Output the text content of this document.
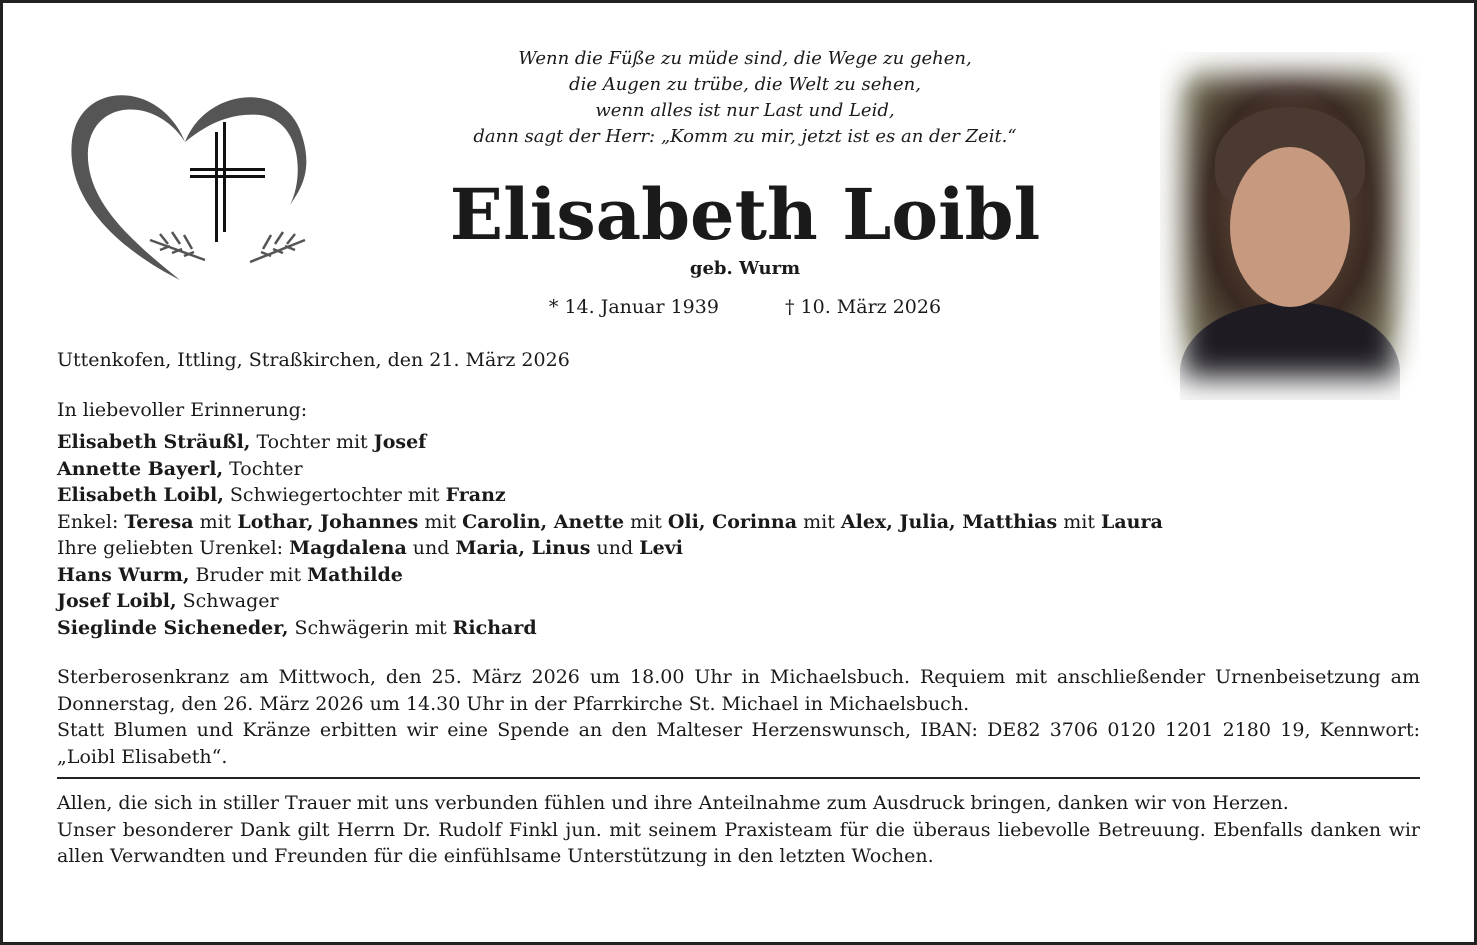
Wenn die Füße zu müde sind, die Wege zu gehen,
die Augen zu trübe, die Welt zu sehen,
wenn alles ist nur Last und Leid,
dann sagt der Herr: „Komm zu mir, jetzt ist es an der Zeit.“
Elisabeth Loibl
geb. Wurm
* 14. Januar 1939	† 10. März 2026
Uttenkofen, Ittling, Straßkirchen, den 21. März 2026
In liebevoller Erinnerung:
Elisabeth Sträußl, Tochter mit Josef
Annette Bayerl, Tochter
Elisabeth Loibl, Schwiegertochter mit Franz
Enkel: Teresa mit Lothar, Johannes mit Carolin, Anette mit Oli, Corinna mit Alex, Julia, Matthias mit Laura
Ihre geliebten Urenkel: Magdalena und Maria, Linus und Levi
Hans Wurm, Bruder mit Mathilde
Josef Loibl, Schwager
Sieglinde Sicheneder, Schwägerin mit Richard

Sterberosenkranz am Mittwoch, den 25. März 2026 um 18.00 Uhr in Michaelsbuch. Requiem mit anschließender Urnenbeisetzung am Donnerstag, den 26. März 2026 um 14.30 Uhr in der Pfarrkirche St. Michael in Michaelsbuch.

Statt Blumen und Kränze erbitten wir eine Spende an den Malteser Herzenswunsch, IBAN: DE82 3706 0120 1201 2180 19, Kennwort: „Loibl Elisabeth“.

Allen, die sich in stiller Trauer mit uns verbunden fühlen und ihre Anteilnahme zum Ausdruck bringen, danken wir von Herzen.

Unser besonderer Dank gilt Herrn Dr. Rudolf Finkl jun. mit seinem Praxisteam für die überaus liebevolle Betreuung. Ebenfalls danken wir allen Verwandten und Freunden für die einfühlsame Unterstützung in den letzten Wochen.
